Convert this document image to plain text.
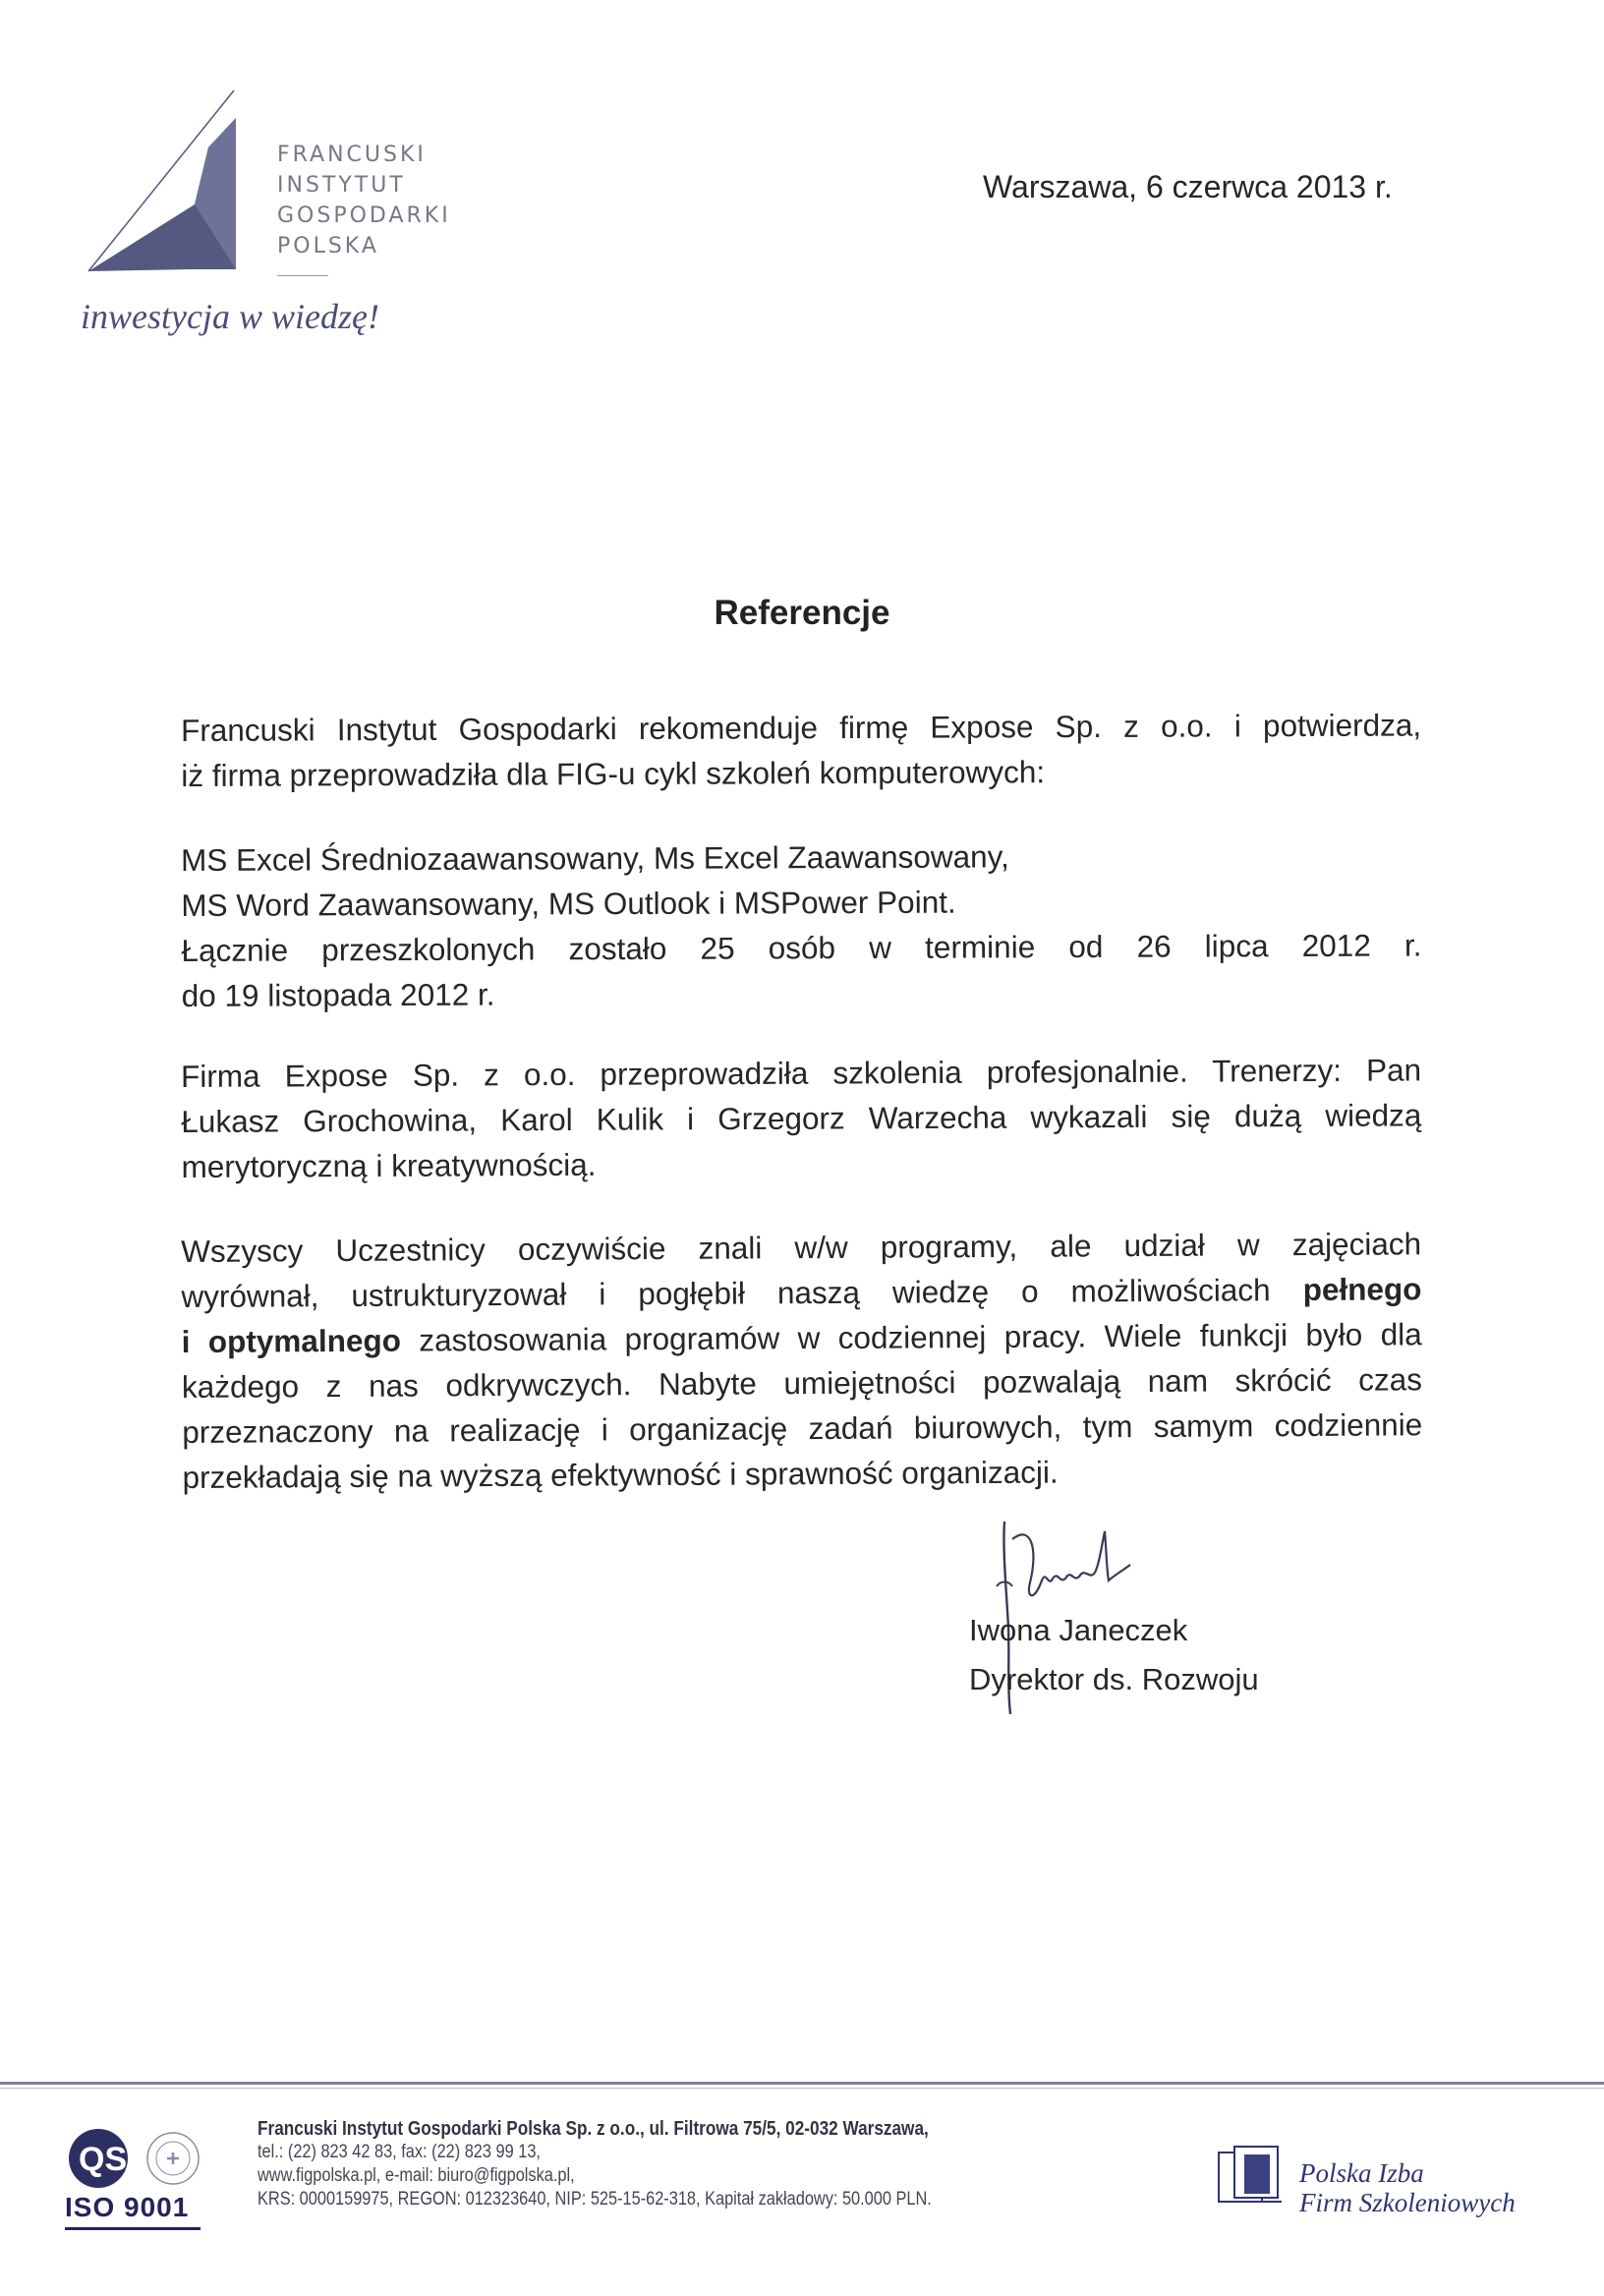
FRANCUSKI
INSTYTUT
GOSPODARKI
POLSKA
inwestycja w wiedzę!
Warszawa, 6 czerwca 2013 r.
Referencje

Francuski Instytut Gospodarki rekomenduje firmę Expose Sp. z o.o. i potwierdza,

iż firma przeprowadziła dla FIG-u cykl szkoleń komputerowych:

MS Excel Średniozaawansowany, Ms Excel Zaawansowany,

MS Word Zaawansowany, MS Outlook i MSPower Point.

Łącznie przeszkolonych zostało 25 osób w terminie od 26 lipca 2012 r.

do 19 listopada 2012 r.

Firma Expose Sp. z o.o. przeprowadziła szkolenia profesjonalnie. Trenerzy: Pan

Łukasz Grochowina, Karol Kulik i Grzegorz Warzecha wykazali się dużą wiedzą

merytoryczną i kreatywnością.

Wszyscy Uczestnicy oczywiście znali w/w programy, ale udział w zajęciach

wyrównał, ustrukturyzował i pogłębił naszą wiedzę o możliwościach pełnego

i optymalnego zastosowania programów w codziennej pracy. Wiele funkcji było dla

każdego z nas odkrywczych. Nabyte umiejętności pozwalają nam skrócić czas

przeznaczony na realizację i organizację zadań biurowych, tym samym codziennie

przekładają się na wyższą efektywność i sprawność organizacji.

Iwona Janeczek
Dyrektor ds. Rozwoju
QS
ISO 9001
Francuski Instytut Gospodarki Polska Sp. z o.o., ul. Filtrowa 75/5, 02-032 Warszawa,
tel.: (22) 823 42 83, fax: (22) 823 99 13,
www.figpolska.pl, e-mail: biuro@figpolska.pl,
KRS: 0000159975, REGON: 012323640, NIP: 525-15-62-318, Kapitał zakładowy: 50.000 PLN.
Polska Izba
Firm Szkoleniowych
